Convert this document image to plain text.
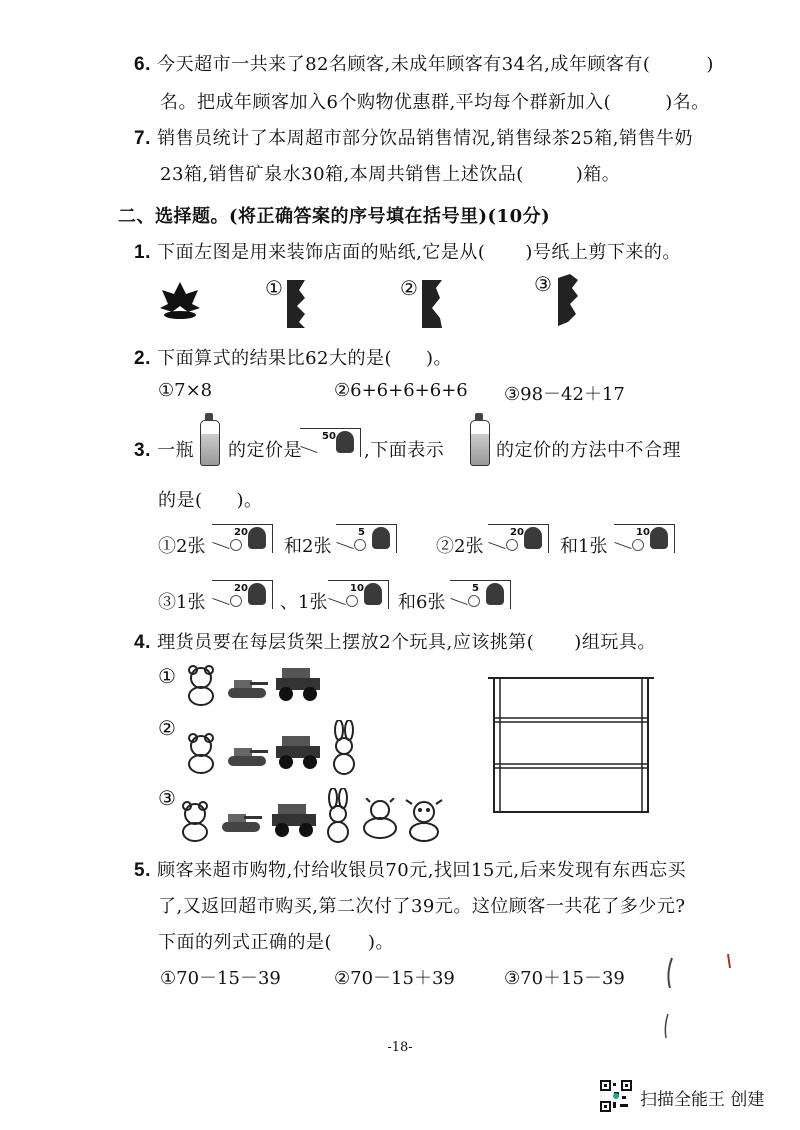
6. 今天超市一共来了82名顾客,未成年顾客有34名,成年顾客有(	)
名。把成年顾客加入6个购物优惠群,平均每个群新加入(	)名。
7. 销售员统计了本周超市部分饮品销售情况,销售绿茶25箱,销售牛奶
23箱,销售矿泉水30箱,本周共销售上述饮品(	)箱。
二、选择题。(将正确答案的序号填在括号里)(10分)
1. 下面左图是用来装饰店面的贴纸,它是从( )号纸上剪下来的。
①	②	③
2. 下面算式的结果比62大的是( )。
①7×8	②6+6+6+6+6 ③98－42＋17
3. 一瓶 的定价是
50
,下面表示	的定价的方法中不合理
的是( )。
①2张
20
和2张
5
②2张
20
和1张
10
③1张
20
、1张
10
和6张
5
4. 理货员要在每层货架上摆放2个玩具,应该挑第( )组玩具。
①
②
③
5. 顾客来超市购物,付给收银员70元,找回15元,后来发现有东西忘买
了,又返回超市购买,第二次付了39元。这位顾客一共花了多少元?
下面的列式正确的是( )。
①70－15－39	②70－15＋39	③70＋15－39
-18-
扫描全能王 创建
